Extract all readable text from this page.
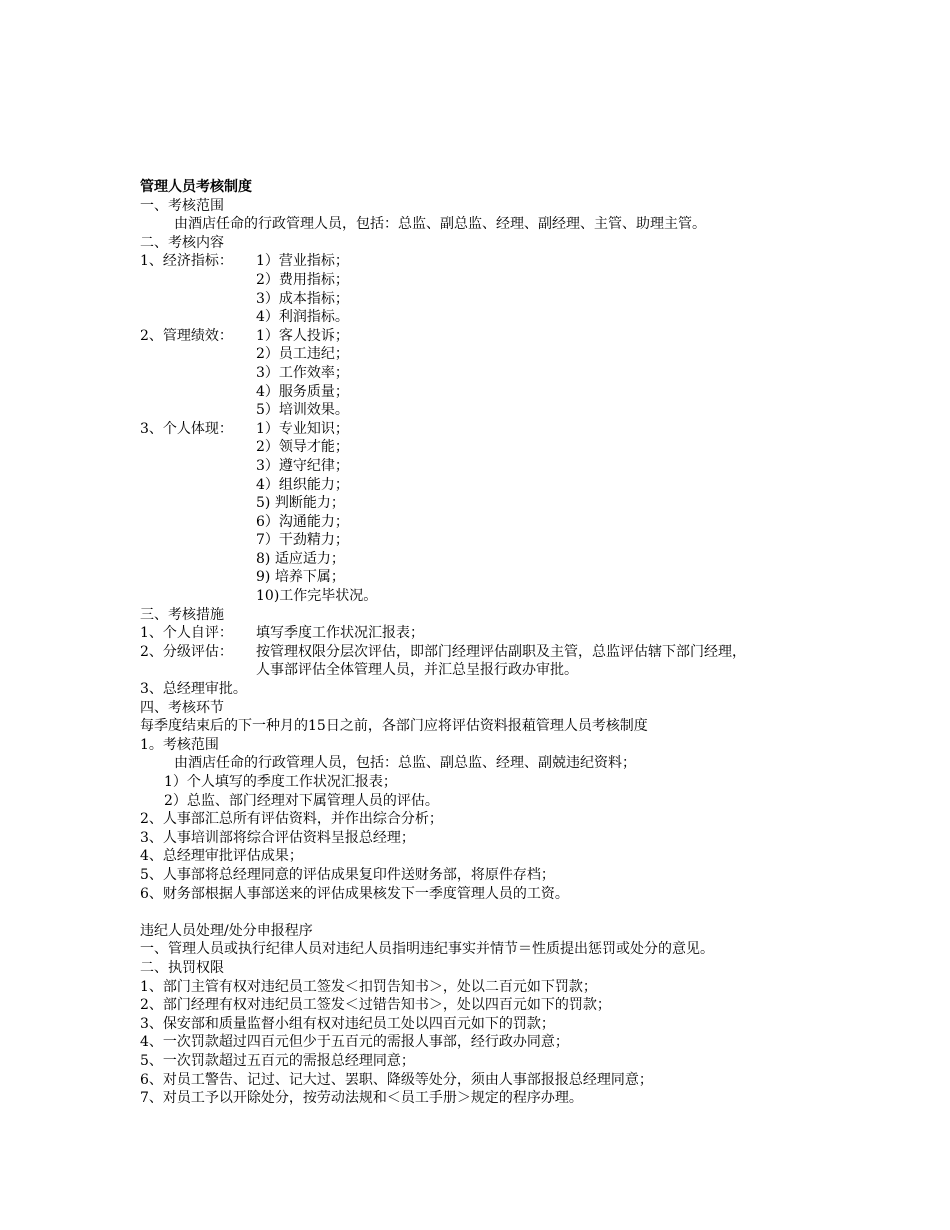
管理人员考核制度
一、考核范围
由酒店任命的行政管理人员，包括：总监、副总监、经理、副经理、主管、助理主管。
二、考核内容
1、经济指标：	1）营业指标；
2）费用指标；
3）成本指标；
4）利润指标。
2、管理绩效：	1）客人投诉；
2）员工违纪；
3）工作效率；
4）服务质量；
5）培训效果。
3、个人体现：	1）专业知识；
2）领导才能；
3）遵守纪律；
4）组织能力；
5) 判断能力；
6）沟通能力；
7）干劲精力；
8) 适应适力；
9) 培养下属；
10)工作完毕状况。
三、考核措施
1、个人自评：	填写季度工作状况汇报表；
2、分级评估：	按管理权限分层次评估，即部门经理评估副职及主管，总监评估辖下部门经理，
人事部评估全体管理人员，并汇总呈报行政办审批。
3、总经理审批。
四、考核环节
每季度结束后的下一种月的15日之前，各部门应将评估资料报蒩管理人员考核制度
1。考核范围
由酒店任命的行政管理人员，包括：总监、副总监、经理、副兢违纪资料；
1）个人填写的季度工作状况汇报表；
2）总监、部门经理对下属管理人员的评估。
2、人事部汇总所有评估资料，并作出综合分析；
3、人事培训部将综合评估资料呈报总经理；
4、总经理审批评估成果；
5、人事部将总经理同意的评估成果复印件送财务部，将原件存档；
6、财务部根据人事部送来的评估成果核发下一季度管理人员的工资。
违纪人员处理/处分申报程序
一、管理人员或执行纪律人员对违纪人员指明违纪事实并情节＝性质提出惩罚或处分的意见。
二、执罚权限
1、部门主管有权对违纪员工签发＜扣罚告知书＞，处以二百元如下罚款；
2、部门经理有权对违纪员工签发＜过错告知书＞，处以四百元如下的罚款；
3、保安部和质量监督小组有权对违纪员工处以四百元如下的罚款；
4、一次罚款超过四百元但少于五百元的需报人事部，经行政办同意；
5、一次罚款超过五百元的需报总经理同意；
6、对员工警告、记过、记大过、罢职、降级等处分，须由人事部报报总经理同意；
7、对员工予以开除处分，按劳动法规和＜员工手册＞规定的程序办理。
